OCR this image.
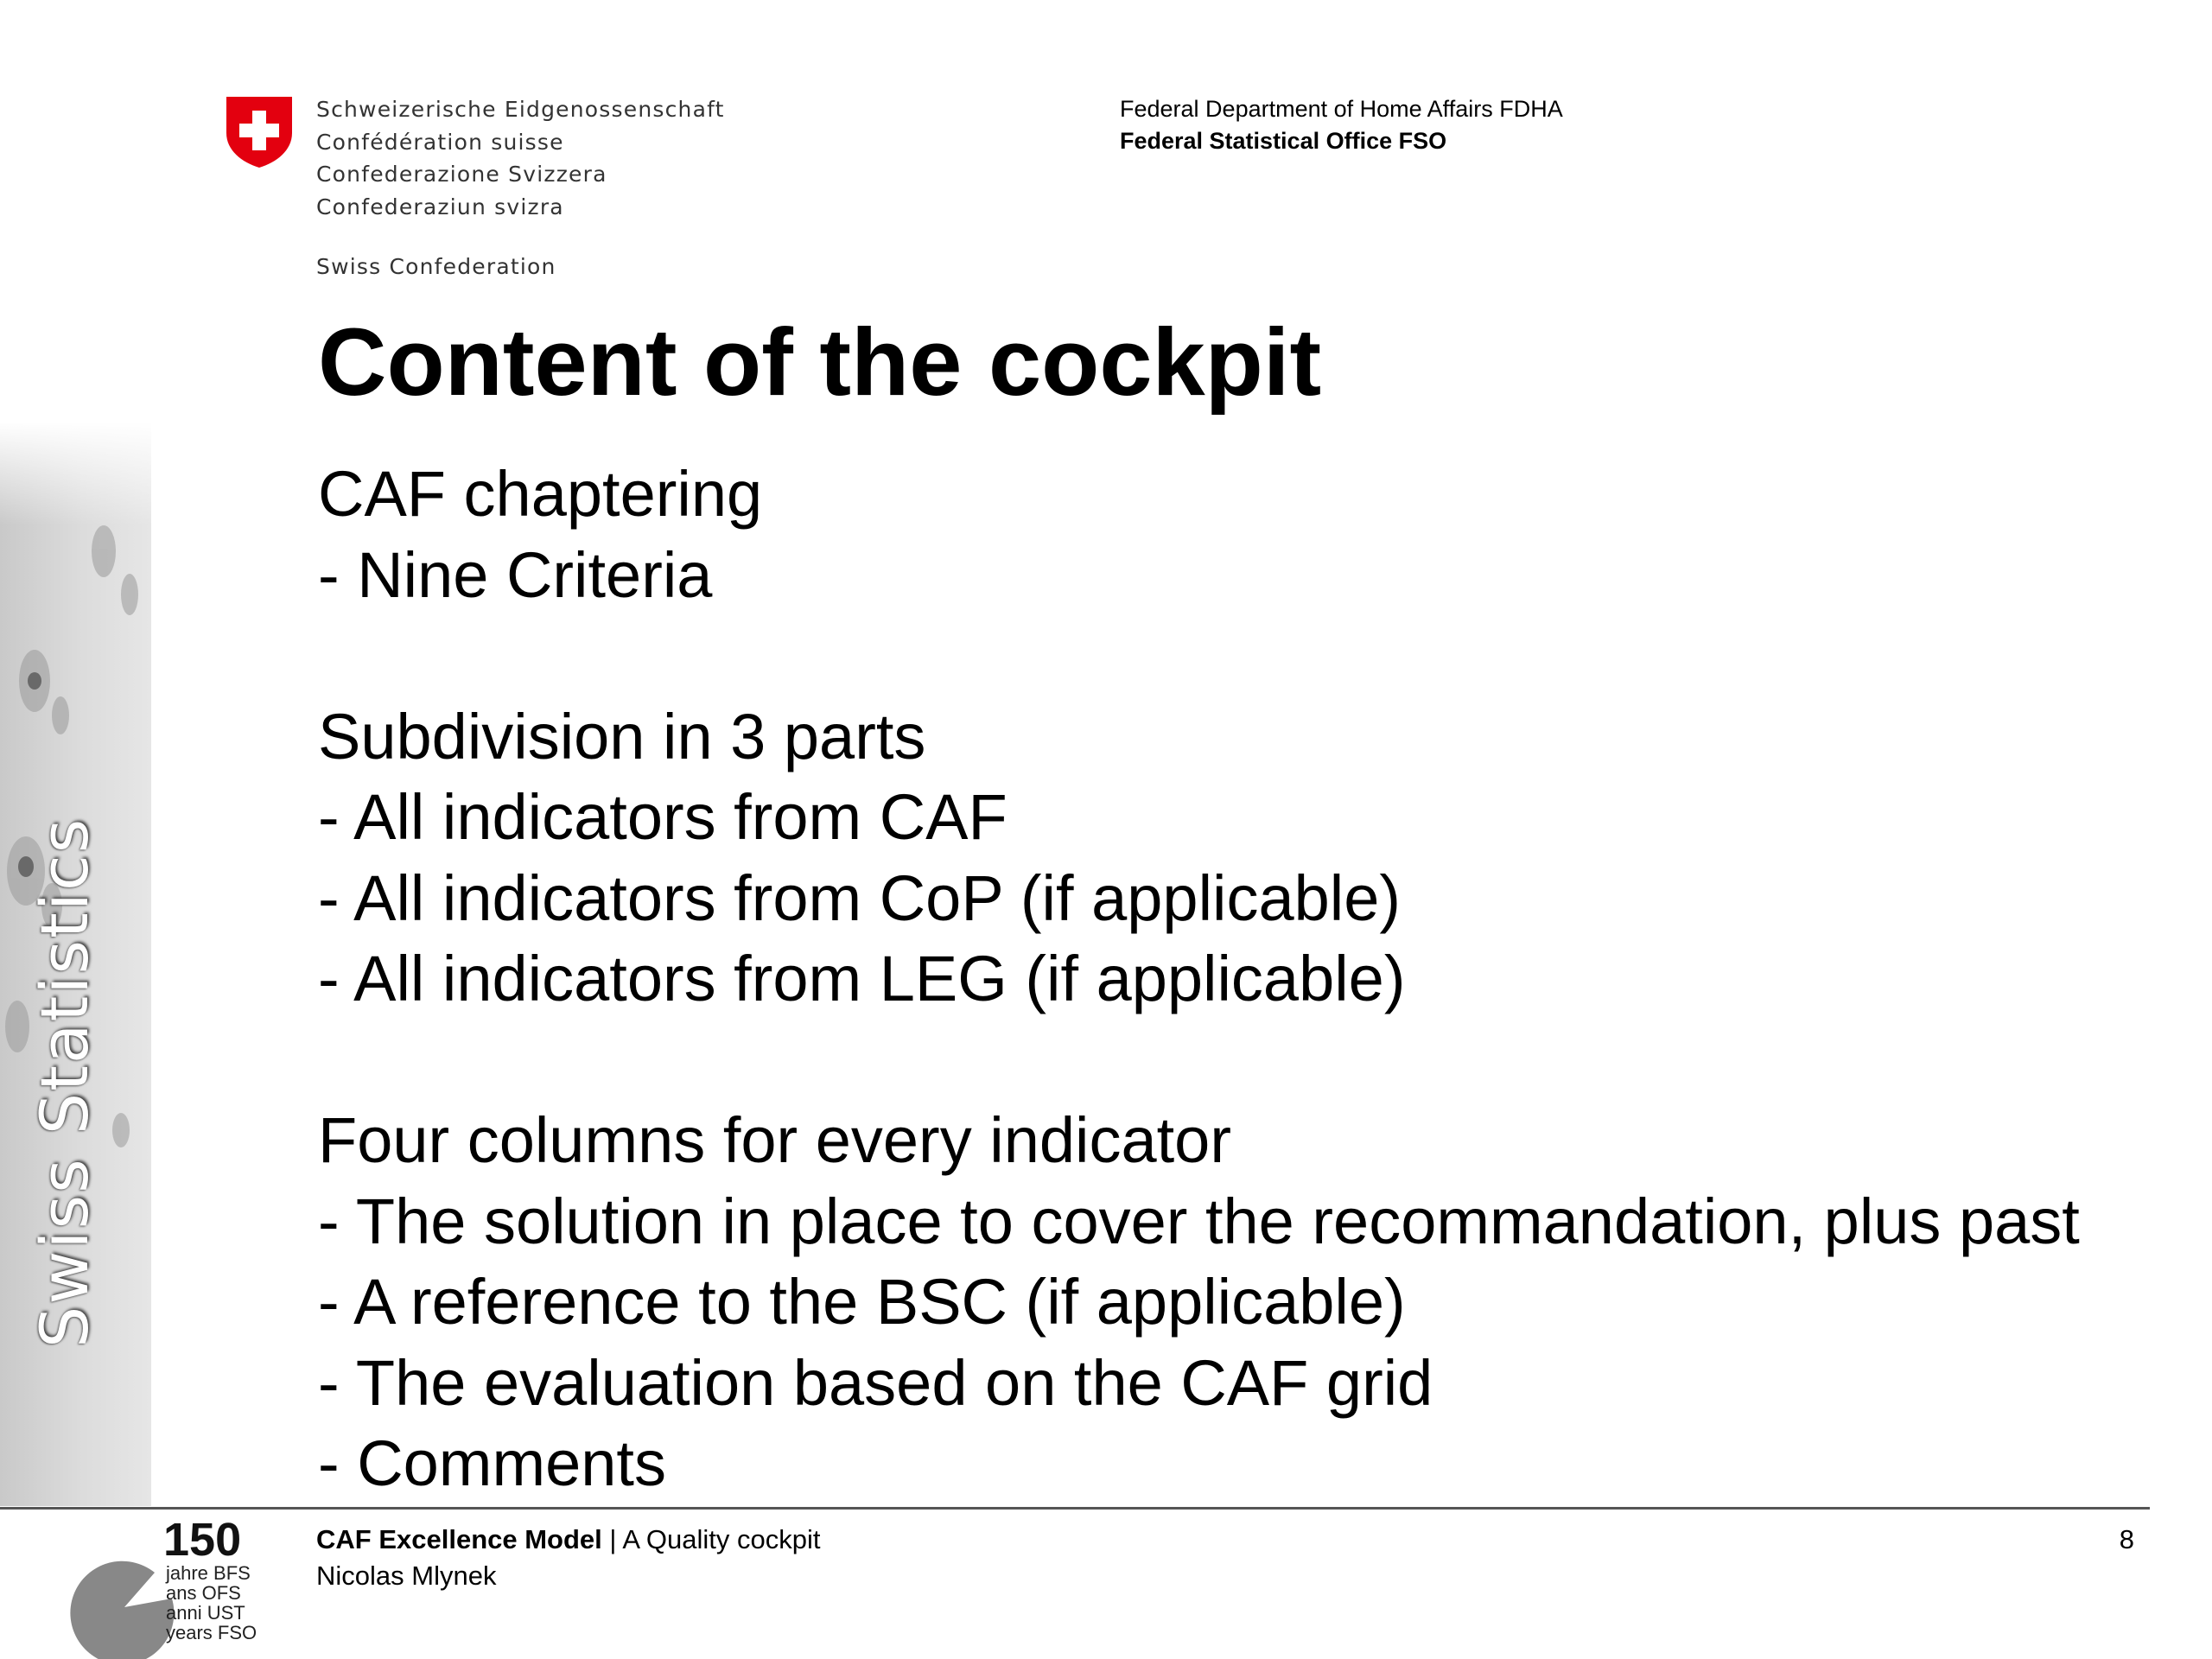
Schweizerische Eidgenossenschaft
Confédération suisse
Confederazione Svizzera
Confederaziun svizra
Swiss Confederation
Federal Department of Home Affairs FDHA
Federal Statistical Office FSO
Swiss Statistics
Content of the cockpit
CAF chaptering
- Nine Criteria
Subdivision in 3 parts
- All indicators from CAF
- All indicators from CoP (if applicable)
- All indicators from LEG (if applicable)
Four columns for every indicator
- The solution in place to cover the recommandation, plus past
- A reference to the BSC (if applicable)
- The evaluation based on the CAF grid
- Comments
150
jahre BFS
ans OFS
anni UST
years FSO
CAF Excellence Model | A Quality cockpit
Nicolas Mlynek
8
